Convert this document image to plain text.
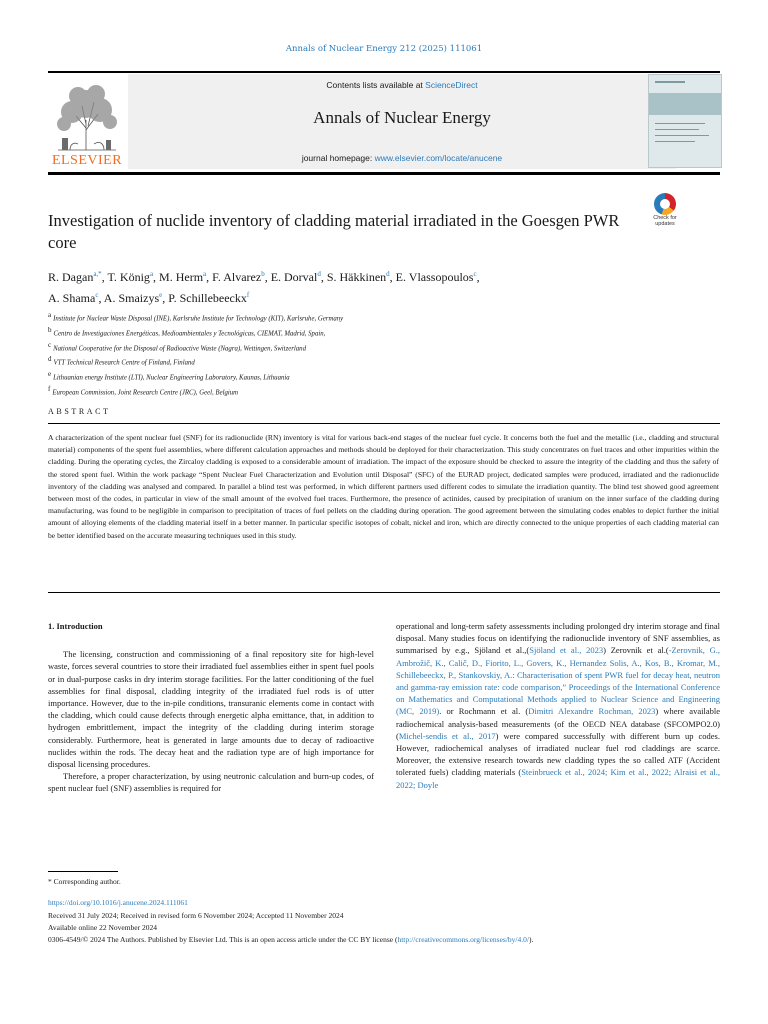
Annals of Nuclear Energy 212 (2025) 111061
ELSEVIER
Contents lists available at ScienceDirect
Annals of Nuclear Energy
journal homepage: www.elsevier.com/locate/anucene
Investigation of nuclide inventory of cladding material irradiated in the Goesgen PWR core
Check for updates
R. Dagan$^{a,*}$, T. König$^a$, M. Herm$^a$, F. Alvarez$^b$, E. Dorval$^d$, S. Häkkinen$^d$, E. Vlassopoulos$^c$,
A. Shama$^c$, A. Smaizys$^e$, P. Schillebeeckx$^f$
$^a$ Institute for Nuclear Waste Disposal (INE), Karlsruhe Institute for Technology (KIT), Karlsruhe, Germany
$^b$ Centro de Investigaciones Energéticas, Medioambientales y Tecnológicas, CIEMAT, Madrid, Spain,
$^c$ National Cooperative for the Disposal of Radioactive Waste (Nagra), Wettingen, Switzerland
$^d$ VTT Technical Research Centre of Finland, Finland
$^e$ Lithuanian energy Institute (LTI), Nuclear Engineering Laboratory, Kaunas, Lithuania
$^f$ European Commission, Joint Research Centre (JRC), Geel, Belgium
ABSTRACT

A characterization of the spent nuclear fuel (SNF) for its radionuclide (RN) inventory is vital for various back-end stages of the nuclear fuel cycle. It concerns both the fuel and the metallic (i.e., cladding and structural material) components of the spent fuel assemblies, where different calculation approaches and methods should be deployed for their characterization. This study concentrates on fuel traces and other impurities within the cladding. During the operating cycles, the Zircaloy cladding is exposed to a considerable amount of irradiation. The impact of the exposure should be checked to assure the integrity of the cladding and thus the safety of the stored spent fuel. Within the work package “Spent Nuclear Fuel Characterization and Evolution until Disposal” (SFC) of the EURAD project, dedicated samples were produced, irradiated and the radionuclide inventory of the cladding was analysed and compared. In parallel a blind test was performed, in which different partners used different codes to simulate the irradiation quantity. The blind test showed good agreement between most of the codes, in particular in view of the small amount of the evolved fuel traces. Furthermore, the presence of actinides, caused by precipitation of uranium on the inner surface of the cladding during manufacturing, was found to be negligible in comparison to precipitation of traces of fuel pellets on the cladding during operation. The good agreement between the simulating codes enables to depict further the initial amount of alloying elements of the cladding material itself in a better manner. In particular specific isotopes of cobalt, nickel and iron, which are directly connected to the unique properties of each cladding material can be better identified based on the accurate measuring techniques used in this study.

1. Introduction

The licensing, construction and commissioning of a final repository site for high-level waste, forces several countries to store their irradiated fuel assemblies either in spent fuel pools or in dual-purpose casks in dry interim storage facilities. For the latter conditioning of the fuel assemblies for final disposal, cladding integrity of the irradiated fuel rods is of utter importance. However, due to the in-pile conditions, transuranic elements come in contact with the cladding, which could cause defects through energetic alpha emittance, that, in addition to hydrogen embrittlement, impact the integrity of the cladding during interim storage considerably. Furthermore, heat is generated in large amounts due to decay of radioactive nuclides within the rods. The decay heat and the radiation type are of high importance for disposal licensing procedures.

Therefore, a proper characterization, by using neutronic calculation and burn-up codes, of spent nuclear fuel (SNF) assemblies is required for

operational and long-term safety assessments including prolonged dry interim storage and final disposal. Many studies focus on identifying the radionuclide inventory of SNF assemblies, as summarised by e.g., Sjöland et al.,(Sjöland et al., 2023) Zerovnik et al.(-Zerovnik, G., Ambrožič, K., Calič, D., Fiorito, L., Govers, K., Hernandez Solis, A., Kos, B., Kromar, M., Schillebeeckx, P., Stankovskiy, A.: Characterisation of spent PWR fuel for decay heat, neutron and gamma-ray emission rate: code comparison,” Proceedings of the International Conference on Mathematics and Computational Methods applied to Nuclear Science and Engineering (MC, 2019). or Rochmann et al. (Dimitri Alexandre Rochman, 2023) where available radiochemical analysis-based measurements (of the OECD NEA database (SFCOMPO2.0) (Michel-sendis et al., 2017) were compared successfully with different burn up codes. However, radiochemical analyses of irradiated nuclear fuel rod claddings are scarce. Moreover, the extensive research towards new cladding types the so called ATF (Accident tolerated fuels) cladding materials (Steinbrueck et al., 2024; Kim et al., 2022; Alraisi et al., 2022; Doyle

* Corresponding author.
https://doi.org/10.1016/j.anucene.2024.111061
Received 31 July 2024; Received in revised form 6 November 2024; Accepted 11 November 2024
Available online 22 November 2024
0306-4549/© 2024 The Authors. Published by Elsevier Ltd. This is an open access article under the CC BY license (http://creativecommons.org/licenses/by/4.0/).
